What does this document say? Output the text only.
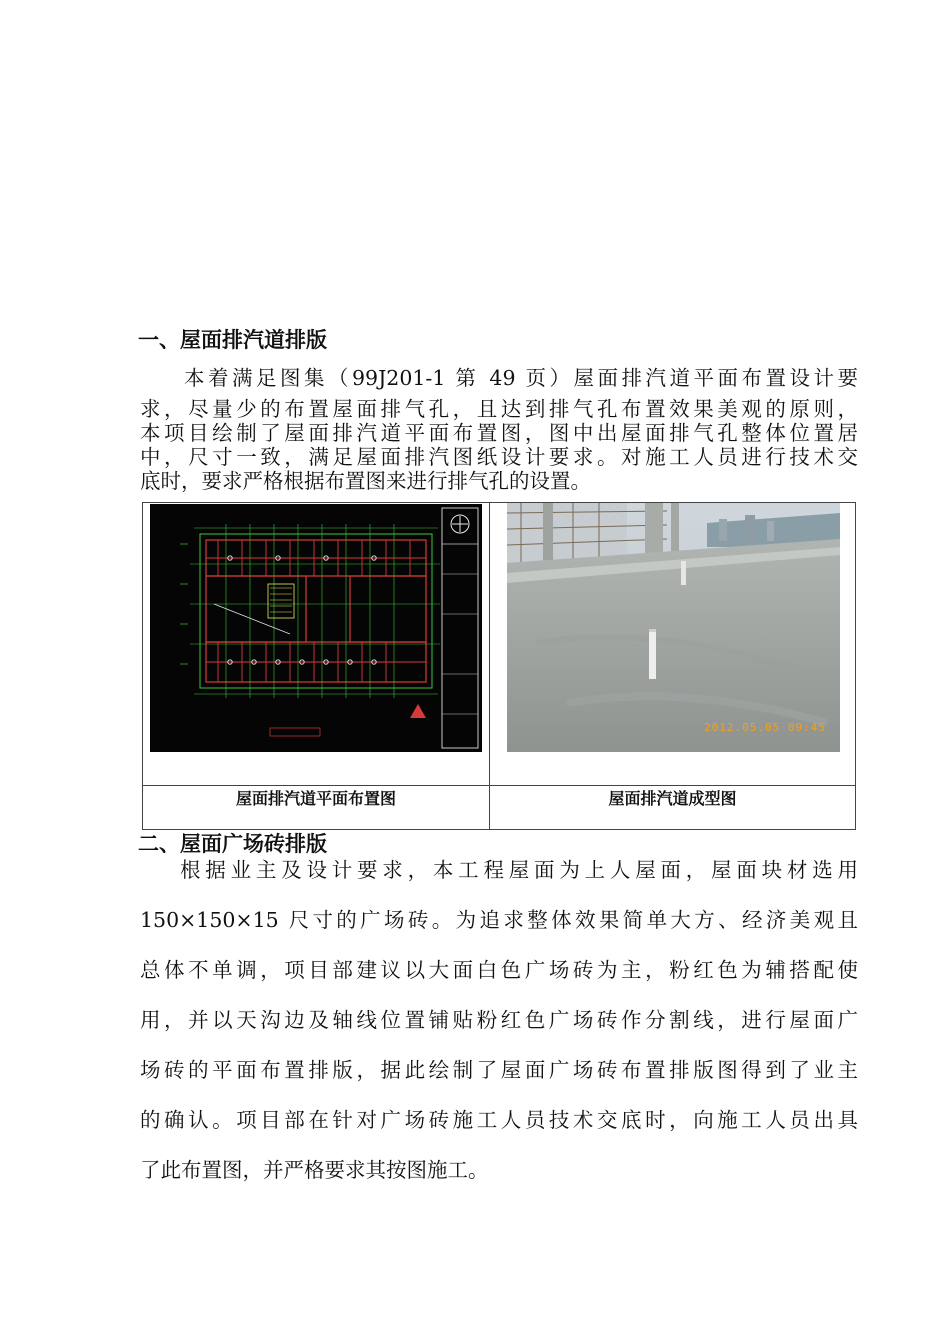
一、屋面排汽道排版
本着满足图集（99J201-1 第 49 页）屋面排汽道平面布置设计要
求，尽量少的布置屋面排气孔，且达到排气孔布置效果美观的原则，
本项目绘制了屋面排汽道平面布置图，图中出屋面排气孔整体位置居
中，尺寸一致，满足屋面排汽图纸设计要求。对施工人员进行技术交
底时，要求严格根据布置图来进行排气孔的设置。
2012.05.05 09:45
屋面排汽道平面布置图	屋面排汽道成型图
二、屋面广场砖排版
根据业主及设计要求，本工程屋面为上人屋面，屋面块材选用
150×150×15 尺寸的广场砖。为追求整体效果简单大方、经济美观且
总体不单调，项目部建议以大面白色广场砖为主，粉红色为辅搭配使
用，并以天沟边及轴线位置铺贴粉红色广场砖作分割线，进行屋面广
场砖的平面布置排版，据此绘制了屋面广场砖布置排版图得到了业主
的确认。项目部在针对广场砖施工人员技术交底时，向施工人员出具
了此布置图，并严格要求其按图施工。
